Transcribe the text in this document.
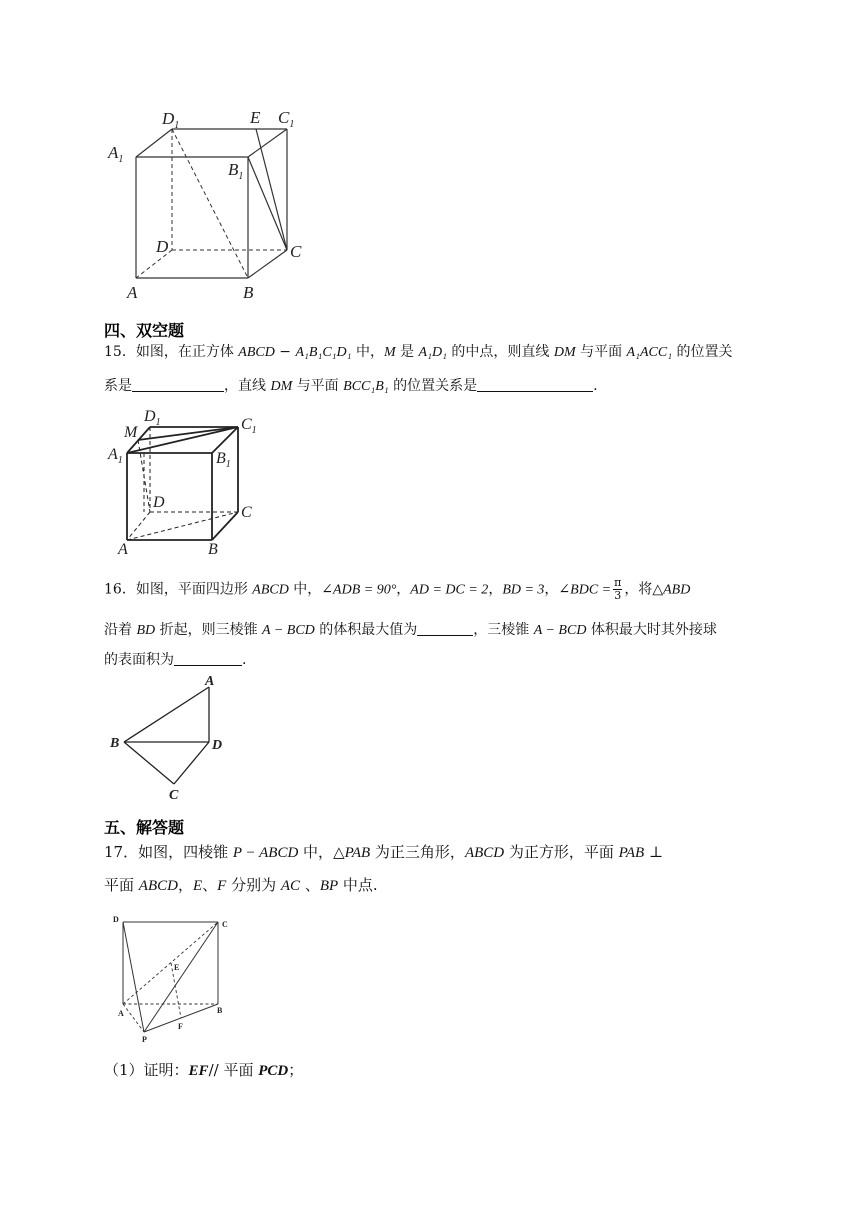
$D_1$	E $C_1$
$A_1$
$B_1$
D	C
A	B
四、双空题
15．如图，在正方体 ABCD − A₁B₁C₁D₁ 中，M 是 A₁D₁ 的中点，则直线 DM 与平面 A₁ACC₁ 的位置关
系是	，直线 DM 与平面 BCC₁B₁ 的位置关系是	.
$D_1$
M	$C_1$
$A_1$	$B_1$
D
C
A	B
16．如图，平面四边形 ABCD 中，∠ADB = 90°，AD = DC = 2，BD = 3，∠BDC = $\frac{\pi}{3}$ ，将△ABD
沿着 BD 折起，则三棱锥 A − BCD 的体积最大值为	，三棱锥 A − BCD 体积最大时其外接球
的表面积为	.
A
B	D
C
五、解答题
17．如图，四棱锥 P − ABCD 中，△PAB 为正三角形，ABCD 为正方形，平面 PAB ⊥
平面 ABCD，E、F 分别为 AC 、BP 中点.
D
C
E
A	B
P
F
（1）证明：EF// 平面 PCD；
